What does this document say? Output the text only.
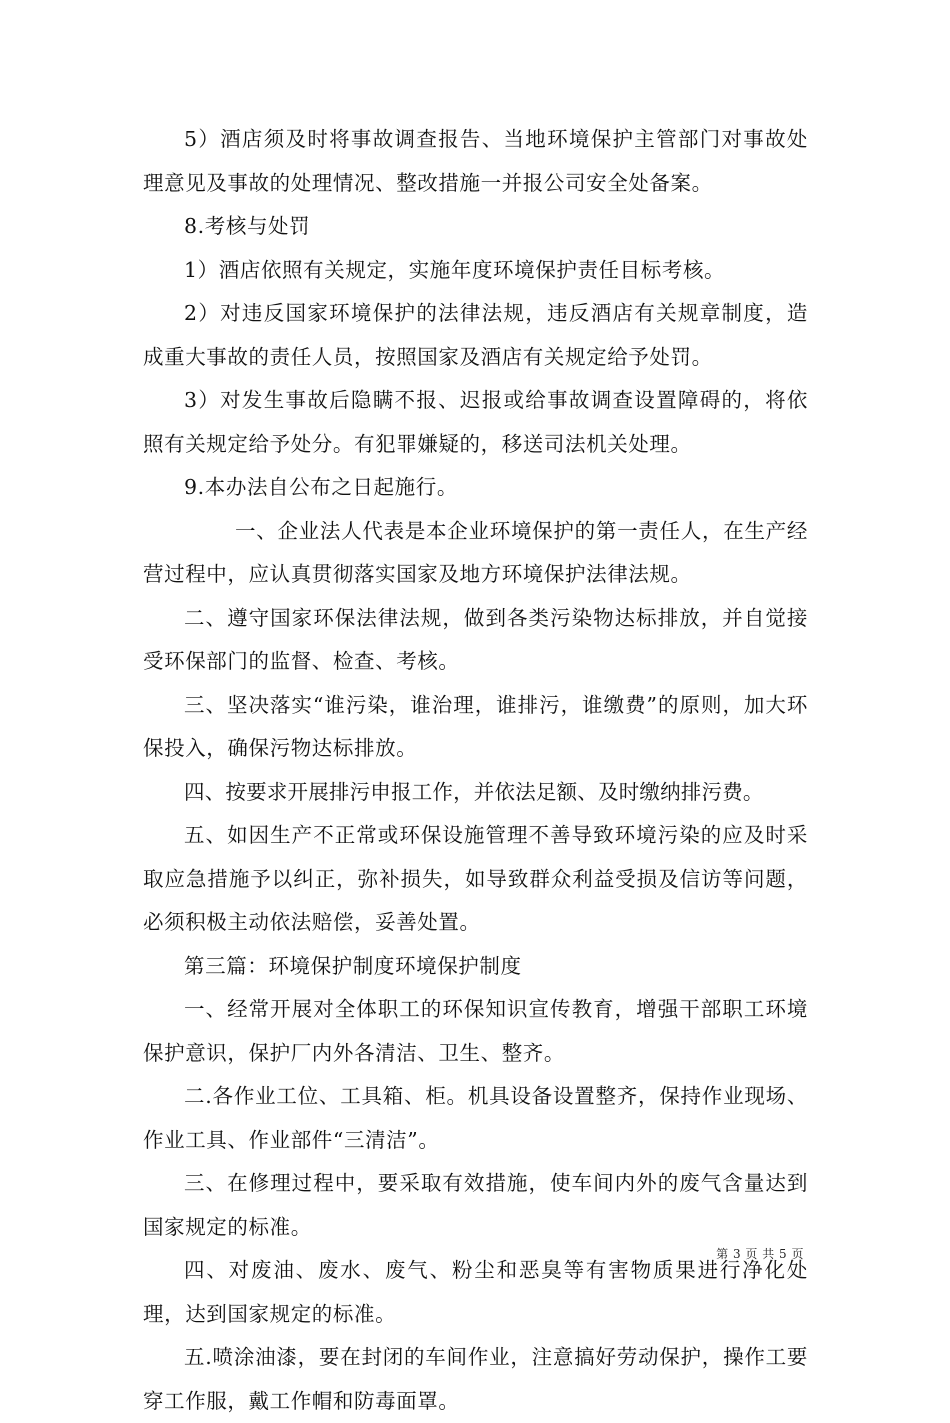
5）酒店须及时将事故调查报告、当地环境保护主管部门对事故处理意见及事故的处理情况、整改措施一并报公司安全处备案。

8.考核与处罚

1）酒店依照有关规定，实施年度环境保护责任目标考核。

2）对违反国家环境保护的法律法规，违反酒店有关规章制度，造成重大事故的责任人员，按照国家及酒店有关规定给予处罚。

3）对发生事故后隐瞒不报、迟报或给事故调查设置障碍的，将依照有关规定给予处分。有犯罪嫌疑的，移送司法机关处理。

9.本办法自公布之日起施行。

一、企业法人代表是本企业环境保护的第一责任人，在生产经营过程中，应认真贯彻落实国家及地方环境保护法律法规。

二、遵守国家环保法律法规，做到各类污染物达标排放，并自觉接受环保部门的监督、检查、考核。

三、坚决落实“谁污染，谁治理，谁排污，谁缴费”的原则，加大环保投入，确保污物达标排放。

四、按要求开展排污申报工作，并依法足额、及时缴纳排污费。

五、如因生产不正常或环保设施管理不善导致环境污染的应及时采取应急措施予以纠正，弥补损失，如导致群众利益受损及信访等问题，必须积极主动依法赔偿，妥善处置。

第三篇：环境保护制度环境保护制度

一、经常开展对全体职工的环保知识宣传教育，增强干部职工环境保护意识，保护厂内外各清洁、卫生、整齐。

二.各作业工位、工具箱、柜。机具设备设置整齐，保持作业现场、作业工具、作业部件“三清洁”。

三、在修理过程中，要采取有效措施，使车间内外的废气含量达到国家规定的标准。

四、对废油、废水、废气、粉尘和恶臭等有害物质果进行净化处理，达到国家规定的标准。

五.喷涂油漆，要在封闭的车间作业，注意搞好劳动保护，操作工要穿工作服，戴工作帽和防毒面罩。

第 3 页 共 5 页
